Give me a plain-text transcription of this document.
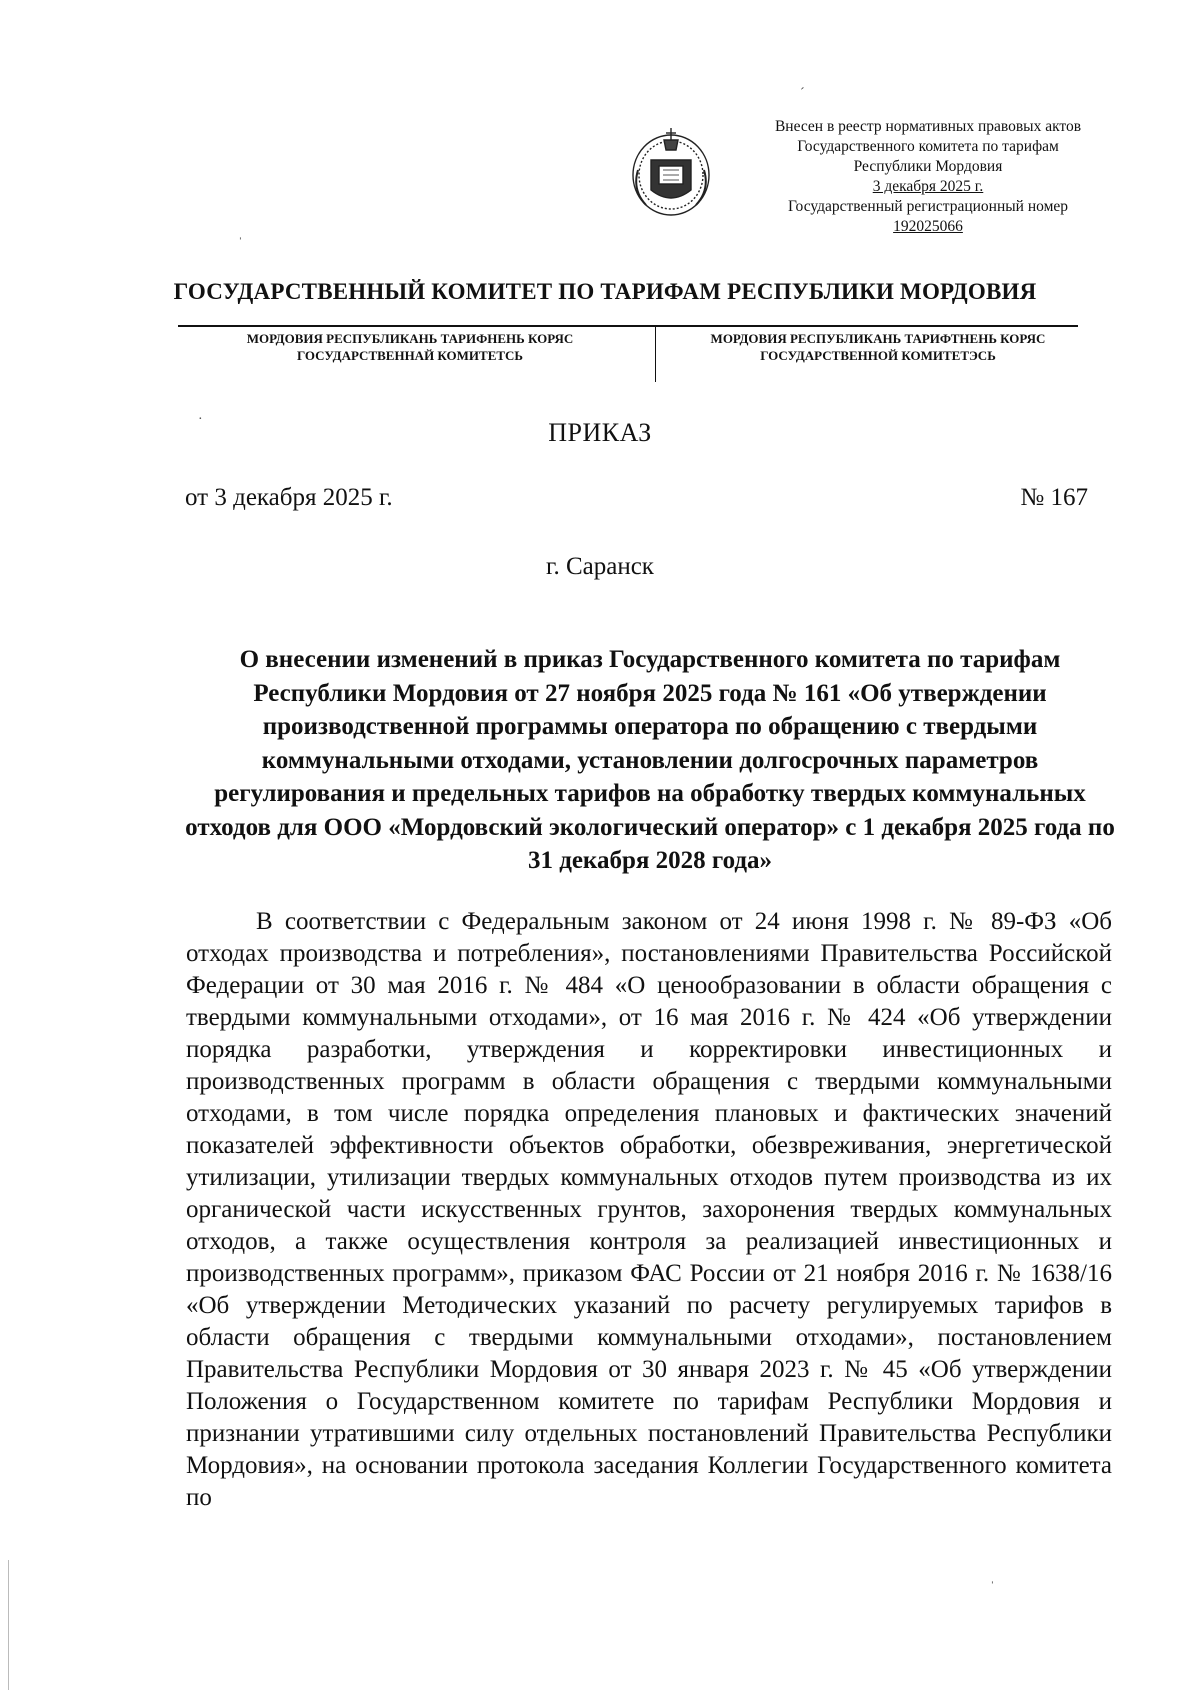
Внесен в реестр нормативных правовых актов
Государственного комитета по тарифам
Республики Мордовия
3 декабря 2025 г.
Государственный регистрационный номер
192025066
ГОСУДАРСТВЕННЫЙ КОМИТЕТ ПО ТАРИФАМ РЕСПУБЛИКИ МОРДОВИЯ
МОРДОВИЯ РЕСПУБЛИКАНЬ ТАРИФНЕНЬ КОРЯС
ГОСУДАРСТВЕННАЙ КОМИТЕТСЬ
МОРДОВИЯ РЕСПУБЛИКАНЬ ТАРИФТНЕНЬ КОРЯС
ГОСУДАРСТВЕННОЙ КОМИТЕТЭСЬ
ПРИКАЗ
от 3 декабря 2025 г.	№ 167
г. Саранск
О внесении изменений в приказ Государственного комитета по тарифам Республики Мордовия от 27 ноября 2025 года № 161 «Об утверждении производственной программы оператора по обращению с твердыми коммунальными отходами, установлении долгосрочных параметров регулирования и предельных тарифов на обработку твердых коммунальных отходов для ООО «Мордовский экологический оператор» с 1 декабря 2025 года по 31 декабря 2028 года»
В соответствии с Федеральным законом от 24 июня 1998 г. № 89-ФЗ «Об отходах производства и потребления», постановлениями Правительства Российской Федерации от 30 мая 2016 г. № 484 «О ценообразовании в области обращения с твердыми коммунальными отходами», от 16 мая 2016 г. № 424 «Об утверждении порядка разработки, утверждения и корректировки инвестиционных и производственных программ в области обращения с твердыми коммунальными отходами, в том числе порядка определения плановых и фактических значений показателей эффективности объектов обработки, обезвреживания, энергетической утилизации, утилизации твердых коммунальных отходов путем производства из их органической части искусственных грунтов, захоронения твердых коммунальных отходов, а также осуществления контроля за реализацией инвестиционных и производственных программ», приказом ФАС России от 21 ноября 2016 г. № 1638/16 «Об утверждении Методических указаний по расчету регулируемых тарифов в области обращения с твердыми коммунальными отходами», постановлением Правительства Республики Мордовия от 30 января 2023 г. № 45 «Об утверждении Положения о Государственном комитете по тарифам Республики Мордовия и признании утратившими силу отдельных постановлений Правительства Республики Мордовия», на основании протокола заседания Коллегии Государственного комитета по
ˊ
ˈ
·
ˈ
